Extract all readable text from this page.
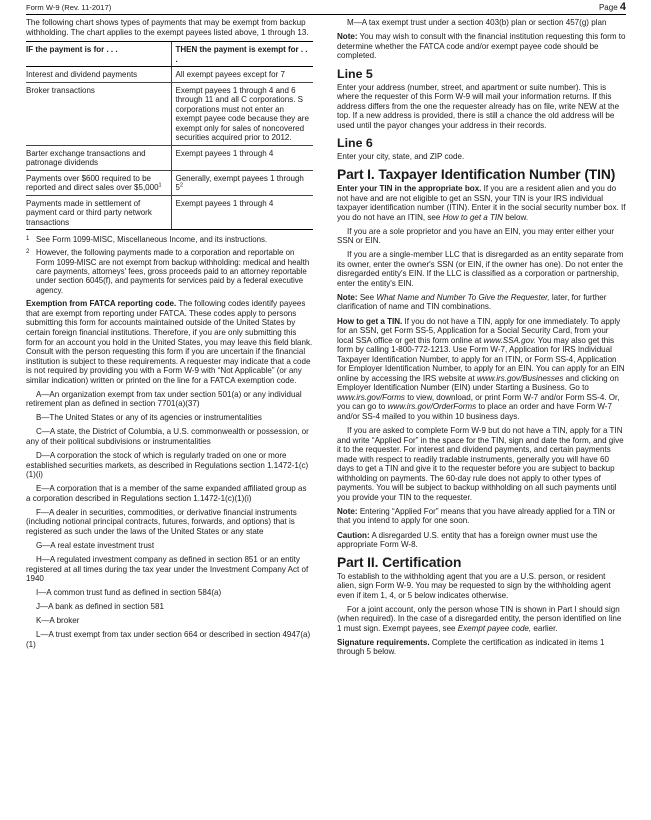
Form W-9 (Rev. 11-2017)	Page 4

The following chart shows types of payments that may be exempt from backup withholding. The chart applies to the exempt payees listed above, 1 through 13.

IF the payment is for . . .	THEN the payment is exempt for . . .
Interest and dividend payments	All exempt payees except for 7
Broker transactions	Exempt payees 1 through 4 and 6 through 11 and all C corporations. S corporations must not enter an exempt payee code because they are exempt only for sales of noncovered securities acquired prior to 2012.
Barter exchange transactions and patronage dividends	Exempt payees 1 through 4
Payments over $600 required to be reported and direct sales over $5,000$^1$	Generally, exempt payees 1 through $5^2$
Payments made in settlement of payment card or third party network transactions	Exempt payees 1 through 4
1 See Form 1099-MISC, Miscellaneous Income, and its instructions.
2 However, the following payments made to a corporation and reportable on Form 1099-MISC are not exempt from backup withholding: medical and health care payments, attorneys' fees, gross proceeds paid to an attorney reportable under section 6045(f), and payments for services paid by a federal executive agency.

Exemption from FATCA reporting code. The following codes identify payees that are exempt from reporting under FATCA. These codes apply to persons submitting this form for accounts maintained outside of the United States by certain foreign financial institutions. Therefore, if you are only submitting this form for an account you hold in the United States, you may leave this field blank. Consult with the person requesting this form if you are uncertain if the financial institution is subject to these requirements. A requester may indicate that a code is not required by providing you with a Form W-9 with “Not Applicable” (or any similar indication) written or printed on the line for a FATCA exemption code.

A—An organization exempt from tax under section 501(a) or any individual retirement plan as defined in section 7701(a)(37)

B—The United States or any of its agencies or instrumentalities

C—A state, the District of Columbia, a U.S. commonwealth or possession, or any of their political subdivisions or instrumentalities

D—A corporation the stock of which is regularly traded on one or more established securities markets, as described in Regulations section 1.1472-1(c)(1)(i)

E—A corporation that is a member of the same expanded affiliated group as a corporation described in Regulations section 1.1472-1(c)(1)(i)

F—A dealer in securities, commodities, or derivative financial instruments (including notional principal contracts, futures, forwards, and options) that is registered as such under the laws of the United States or any state

G—A real estate investment trust

H—A regulated investment company as defined in section 851 or an entity registered at all times during the tax year under the Investment Company Act of 1940

I—A common trust fund as defined in section 584(a)

J—A bank as defined in section 581

K—A broker

L—A trust exempt from tax under section 664 or described in section 4947(a)(1)

M—A tax exempt trust under a section 403(b) plan or section 457(g) plan

Note: You may wish to consult with the financial institution requesting this form to determine whether the FATCA code and/or exempt payee code should be completed.

Line 5

Enter your address (number, street, and apartment or suite number). This is where the requester of this Form W-9 will mail your information returns. If this address differs from the one the requester already has on file, write NEW at the top. If a new address is provided, there is still a chance the old address will be used until the payor changes your address in their records.

Line 6

Enter your city, state, and ZIP code.

Part I. Taxpayer Identification Number (TIN)

Enter your TIN in the appropriate box. If you are a resident alien and you do not have and are not eligible to get an SSN, your TIN is your IRS individual taxpayer identification number (ITIN). Enter it in the social security number box. If you do not have an ITIN, see How to get a TIN below.

If you are a sole proprietor and you have an EIN, you may enter either your SSN or EIN.

If you are a single-member LLC that is disregarded as an entity separate from its owner, enter the owner's SSN (or EIN, if the owner has one). Do not enter the disregarded entity's EIN. If the LLC is classified as a corporation or partnership, enter the entity's EIN.

Note: See What Name and Number To Give the Requester, later, for further clarification of name and TIN combinations.

How to get a TIN. If you do not have a TIN, apply for one immediately. To apply for an SSN, get Form SS-5, Application for a Social Security Card, from your local SSA office or get this form online at www.SSA.gov. You may also get this form by calling 1-800-772-1213. Use Form W-7, Application for IRS Individual Taxpayer Identification Number, to apply for an ITIN, or Form SS-4, Application for Employer Identification Number, to apply for an EIN. You can apply for an EIN online by accessing the IRS website at www.irs.gov/Businesses and clicking on Employer Identification Number (EIN) under Starting a Business. Go to www.irs.gov/Forms to view, download, or print Form W-7 and/or Form SS-4. Or, you can go to www.irs.gov/OrderForms to place an order and have Form W-7 and/or SS-4 mailed to you within 10 business days.

If you are asked to complete Form W-9 but do not have a TIN, apply for a TIN and write “Applied For” in the space for the TIN, sign and date the form, and give it to the requester. For interest and dividend payments, and certain payments made with respect to readily tradable instruments, generally you will have 60 days to get a TIN and give it to the requester before you are subject to backup withholding on payments. The 60-day rule does not apply to other types of payments. You will be subject to backup withholding on all such payments until you provide your TIN to the requester.

Note: Entering “Applied For” means that you have already applied for a TIN or that you intend to apply for one soon.

Caution: A disregarded U.S. entity that has a foreign owner must use the appropriate Form W-8.

Part II. Certification

To establish to the withholding agent that you are a U.S. person, or resident alien, sign Form W-9. You may be requested to sign by the withholding agent even if item 1, 4, or 5 below indicates otherwise.

For a joint account, only the person whose TIN is shown in Part I should sign (when required). In the case of a disregarded entity, the person identified on line 1 must sign. Exempt payees, see Exempt payee code, earlier.

Signature requirements. Complete the certification as indicated in items 1 through 5 below.
